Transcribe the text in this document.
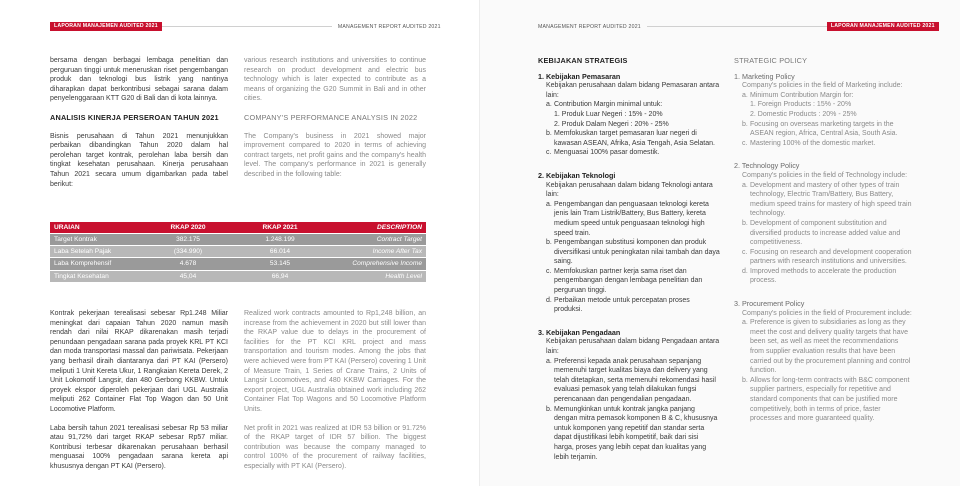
LAPORAN MANAJEMEN AUDITED 2021	MANAGEMENT REPORT AUDITED 2021

bersama dengan berbagai lembaga penelitian dan perguruan tinggi untuk meneruskan riset pengembangan produk dan teknologi bus listrik yang nantinya diharapkan dapat berkontribusi sebagai sarana dalam penyelenggaraan KTT G20 di Bali dan di kota lainnya.

ANALISIS KINERJA PERSEROAN TAHUN 2021

Bisnis perusahaan di Tahun 2021 menunjukkan perbaikan dibandingkan Tahun 2020 dalam hal perolehan target kontrak, perolehan laba bersih dan tingkat kesehatan perusahaan. Kinerja perusahaan Tahun 2021 secara umum digambarkan pada tabel berikut:

various research institutions and universities to continue research on product development and electric bus technology which is later expected to contribute as a means of organizing the G20 Summit in Bali and in other cities.

COMPANY'S PERFORMANCE ANALYSIS IN 2022

The Company's business in 2021 showed major improvement compared to 2020 in terms of achieving contract targets, net profit gains and the company's health level. The company's performance in 2021 is generally described in the following table:

URAIAN	RKAP 2020	RKAP 2021	DESCRIPTION
Target Kontrak	382.175	1.248.199	Contract Target
Laba Setelah Pajak	(334.990)	66.014	Income After Tax
Laba Komprehensif	4.678	53.145	Comprehensive Income
Tingkat Kesehatan	45,04	66,94	Health Level

Kontrak pekerjaan terealisasi sebesar Rp1.248 Miliar meningkat dari capaian Tahun 2020 namun masih rendah dari nilai RKAP dikarenakan masih terjadi penundaan pengadaan sarana pada proyek KRL PT KCI dan moda transportasi massal dan pariwisata. Pekerjaan yang berhasil diraih diantaranya dari PT KAI (Persero) meliputi 1 Unit Kereta Ukur, 1 Rangkaian Kereta Derek, 2 Unit Lokomotif Langsir, dan 480 Gerbong KKBW. Untuk proyek ekspor diperoleh pekerjaan dari UGL Australia meliputi 262 Container Flat Top Wagon dan 50 Unit Locomotive Platform.

Laba bersih tahun 2021 terealisasi sebesar Rp 53 miliar atau 91,72% dari target RKAP sebesar Rp57 miliar. Kontribusi terbesar dikarenakan perusahaan berhasil menguasai 100% pengadaan sarana kereta api khususnya dengan PT KAI (Persero).

Realized work contracts amounted to Rp1,248 billion, an increase from the achievement in 2020 but still lower than the RKAP value due to delays in the procurement of facilities for the PT KCI KRL project and mass transportation and tourism modes. Among the jobs that were achieved were from PT KAI (Persero) covering 1 Unit of Measure Train, 1 Series of Crane Trains, 2 Units of Langsir Locomotives, and 480 KKBW Carriages. For the export project, UGL Australia obtained work including 262 Container Flat Top Wagons and 50 Locomotive Platform Units.

Net profit in 2021 was realized at IDR 53 billion or 91.72% of the RKAP target of IDR 57 billion. The biggest contribution was because the company managed to control 100% of the procurement of railway facilities, especially with PT KAI (Persero).

MANAGEMENT REPORT AUDITED 2021	LAPORAN MANAJEMEN AUDITED 2021
KEBIJAKAN STRATEGIS
1. Kebijakan Pemasaran
Kebijakan perusahaan dalam bidang Pemasaran antara lain:
a. Contribution Margin minimal untuk:
1. Produk Luar Negeri : 15% - 20%
2. Produk Dalam Negeri : 20% - 25%
b. Memfokuskan target pemasaran luar negeri di kawasan ASEAN, Afrika, Asia Tengah, Asia Selatan.
c. Menguasai 100% pasar domestik.
2. Kebijakan Teknologi
Kebijakan perusahaan dalam bidang Teknologi antara lain:
a. Pengembangan dan penguasaan teknologi kereta jenis lain Tram Listrik/Battery, Bus Battery, kereta medium speed untuk penguasaan teknologi high speed train.
b. Pengembangan substitusi komponen dan produk diversifikasi untuk peningkatan nilai tambah dan daya saing.
c. Memfokuskan partner kerja sama riset dan pengembangan dengan lembaga penelitian dan perguruan tinggi.
d. Perbaikan metode untuk percepatan proses produksi.
3. Kebijakan Pengadaan
Kebijakan perusahaan dalam bidang Pengadaan antara lain:
a. Preferensi kepada anak perusahaan sepanjang memenuhi target kualitas biaya dan delivery yang telah ditetapkan, serta memenuhi rekomendasi hasil evaluasi pemasok yang telah dilakukan fungsi perencanaan dan pengendalian pengadaan.
b. Memungkinkan untuk kontrak jangka panjang dengan mitra pemasok komponen B & C, khususnya untuk komponen yang repetitif dan standar serta dapat dijustifikasi lebih kompetitif, baik dari sisi harga, proses yang lebih cepat dan kualitas yang lebih terjamin.
STRATEGIC POLICY
1. Marketing Policy
Company's policies in the field of Marketing include:
a. Minimum Contribution Margin for:
1. Foreign Products : 15% - 20%
2. Domestic Products : 20% - 25%
b. Focusing on overseas marketing targets in the ASEAN region, Africa, Central Asia, South Asia.
c. Mastering 100% of the domestic market.
2. Technology Policy
Company's policies in the field of Technology include:
a. Development and mastery of other types of train technology, Electric Tram/Battery, Bus Battery, medium speed trains for mastery of high speed train technology.
b. Development of component substitution and diversified products to increase added value and competitiveness.
c. Focusing on research and development cooperation partners with research institutions and universities.
d. Improved methods to accelerate the production process.
3. Procurement Policy
Company's policies in the field of Procurement include:
a. Preference is given to subsidiaries as long as they meet the cost and delivery quality targets that have been set, as well as meet the recommendations from supplier evaluation results that have been carried out by the procurement planning and control function.
b. Allows for long-term contracts with B&C component supplier partners, especially for repetitive and standard components that can be justified more competitively, both in terms of price, faster processes and more guaranteed quality.
